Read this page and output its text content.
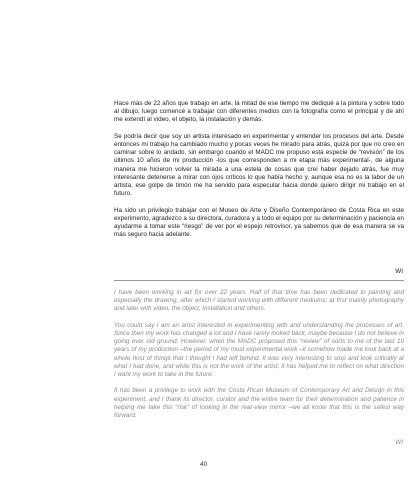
Hace más de 22 años que trabajo en arte, la mitad de ese tiempo me dediqué a la pintura y sobre todo al dibujo, luego comencé a trabajar con diferentes medios con la fotografía como el principal y de ahí me extendí al video, el objeto, la instalación y demás.

Se podría decir que soy un artista interesado en experimentar y entender los procesos del arte. Desde entonces mi trabajo ha cambiado mucho y pocas veces he mirado para atrás, quizá por que no creo en caminar sobre lo andado, sin embargo cuando el MADC me propuso esta especie de “revisión” de los últimos 10 años de mi producción -los que corresponden a mi etapa más experimental-, de alguna manera me hicieron volver la mirada a una estela de cosas que creí haber dejado atrás, fue muy interesante detenerse a mirar con ojos críticos lo que había hecho y, aunque esa no es la labor de un artista, ese golpe de timón me ha servido para especular hacia donde quiero dirigir mi trabajo en el futuro.

Ha sido un privilegio trabajar con el Museo de Arte y Diseño Contemporáneo de Costa Rica en este experimento, agradezco a su directora, curadora y a todo el equipo por su determinación y paciencia en ayudarme a tomar este “riesgo” de ver por el espejo retrovisor, ya sabemos que de esa manera se va más seguro hacia adelante.

WI

I have been working in art for over 22 years. Half of that time has been dedicated to painting and especially the drawing, after which I started working with different mediums; at first mainly photography and later with video, the object, installation and others.

You could say I am an artist interested in experimenting with and understanding the processes of art. Since then my work has changed a lot and I have rarely looked back, maybe because I do not believe in going over old ground. However, when the MADC proposed this “review” of sorts to me of the last 10 years of my production –the period of my most experimental work –it somehow made me look back at a whole host of things that I thought I had left behind. It was very interesting to stop and look critically at what I had done, and while this is not the work of the artist, it has helped me to reflect on what direction I want my work to take in the future.

It has been a privilege to work with the Costa Rican Museum of Contemporary Art and Design in this experiment, and I thank its director, curator and the entire team for their determination and patience in helping me take this “risk” of looking in the rear-view mirror –we all know that this is the safest way forward.

WI
40
